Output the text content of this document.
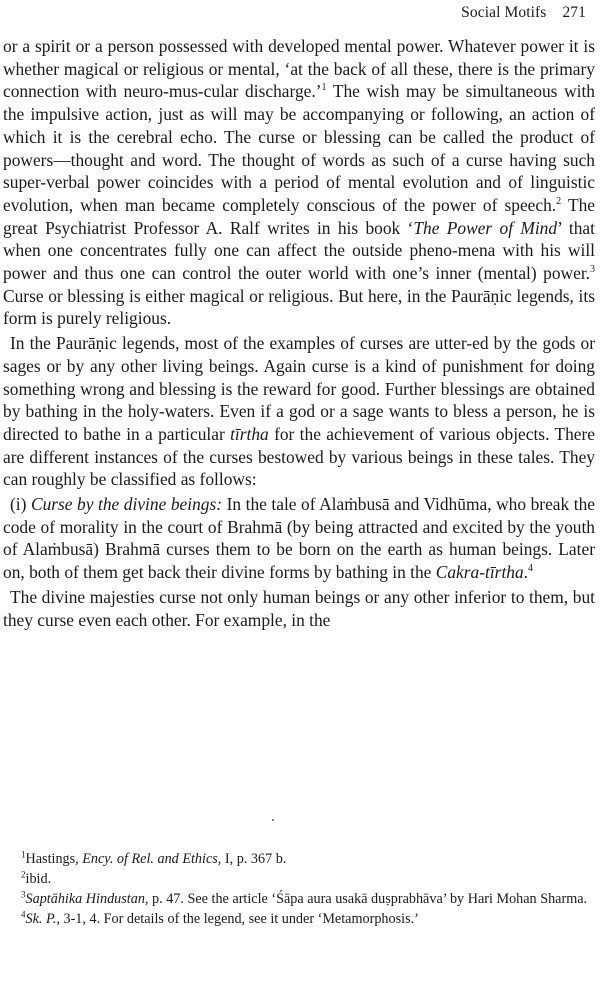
Social Motifs 271

or a spirit or a person possessed with developed mental power. Whatever power it is whether magical or religious or mental, ‘at the back of all these, there is the primary connection with neuro-mus-cular discharge.’$^1$ The wish may be simultaneous with the impulsive action, just as will may be accompanying or following, an action of which it is the cerebral echo. The curse or blessing can be called the product of powers—thought and word. The thought of words as such of a curse having such super-verbal power coincides with a period of mental evolution and of linguistic evolution, when man became completely conscious of the power of speech.$^2$ The great Psychiatrist Professor A. Ralf writes in his book ‘The Power of Mind’ that when one concentrates fully one can affect the outside pheno-mena with his will power and thus one can control the outer world with one’s inner (mental) power.$^3$ Curse or blessing is either magical or religious. But here, in the Paurāṇic legends, its form is purely religious.

In the Paurāṇic legends, most of the examples of curses are utter-ed by the gods or sages or by any other living beings. Again curse is a kind of punishment for doing something wrong and blessing is the reward for good. Further blessings are obtained by bathing in the holy-waters. Even if a god or a sage wants to bless a person, he is directed to bathe in a particular tīrtha for the achievement of various objects. There are different instances of the curses bestowed by various beings in these tales. They can roughly be classified as follows:

(i) Curse by the divine beings: In the tale of Alaṁbusā and Vidhūma, who break the code of morality in the court of Brahmā (by being attracted and excited by the youth of Alaṁbusā) Brahmā curses them to be born on the earth as human beings. Later on, both of them get back their divine forms by bathing in the Cakra-tīrtha.$^4$

The divine majesties curse not only human beings or any other inferior to them, but they curse even each other. For example, in the

$^1$Hastings, Ency. of Rel. and Ethics, I, p. 367 b.

$^2$ibid.

$^3$Saptāhika Hindustan, p. 47. See the article ‘Śāpa aura usakā duṣprabhāva’ by Hari Mohan Sharma.

$^4$Sk. P., 3-1, 4. For details of the legend, see it under ‘Metamorphosis.’
